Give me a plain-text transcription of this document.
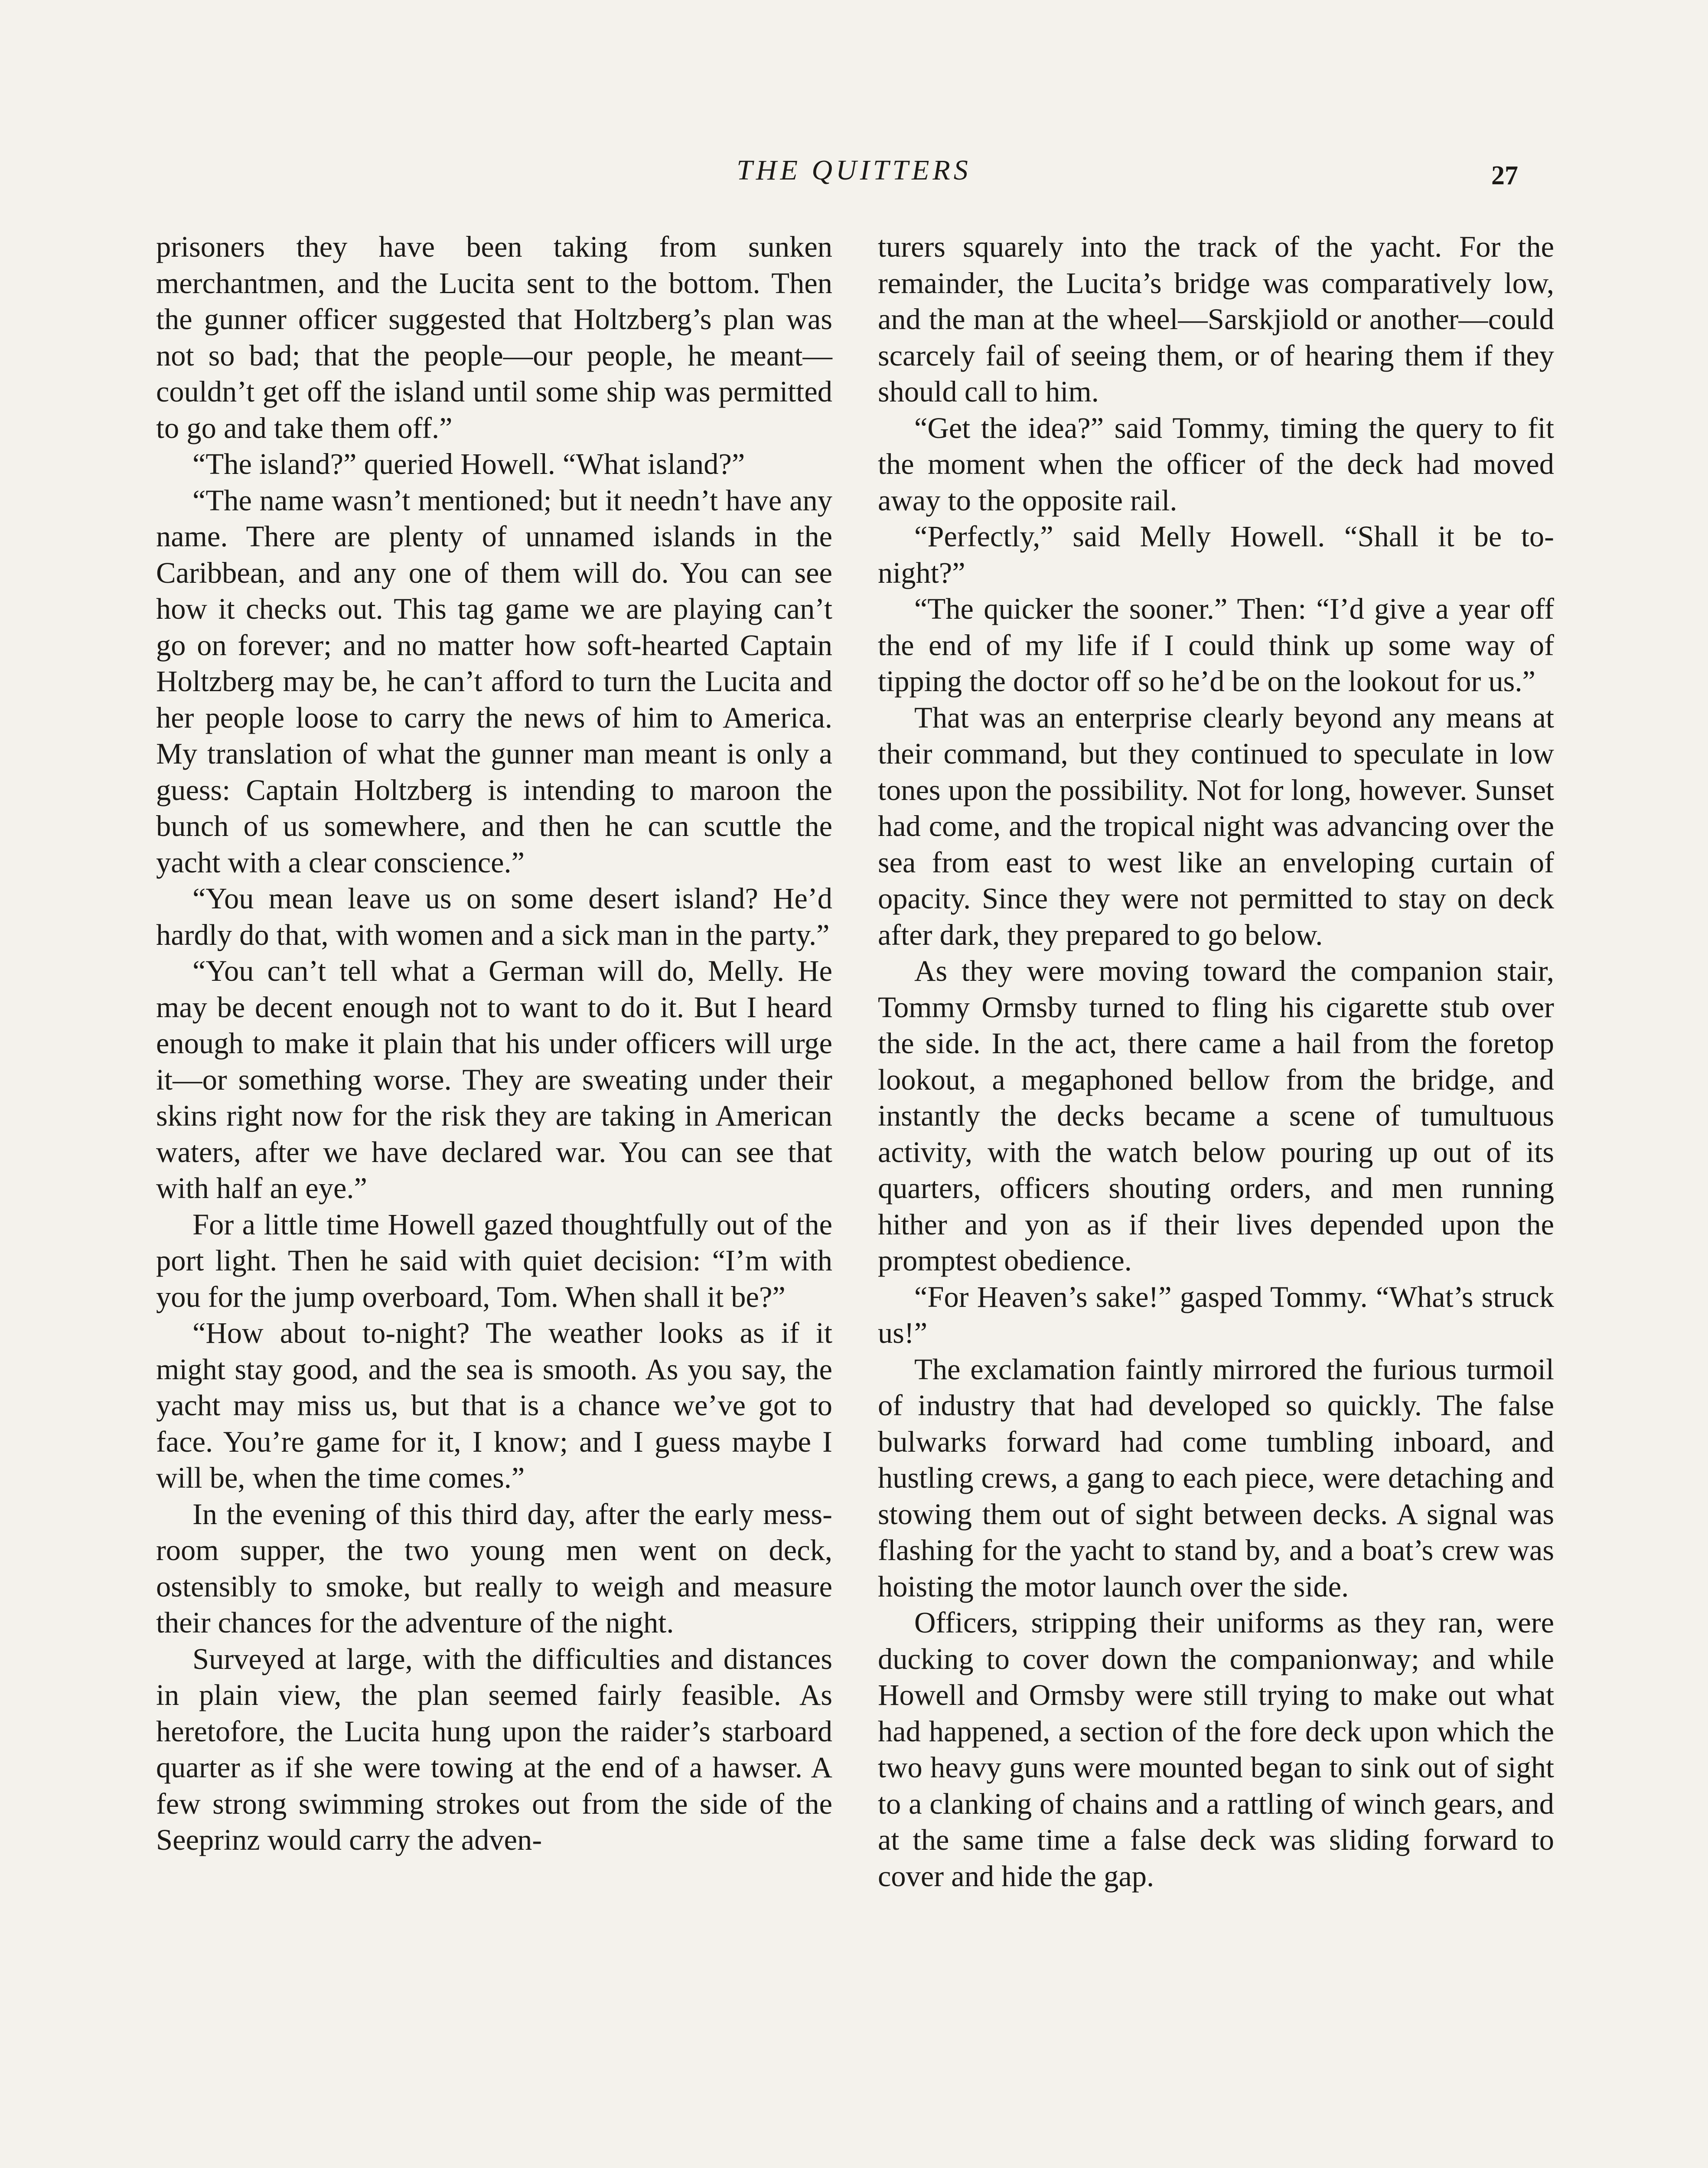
THE QUITTERS	27

prisoners they have been taking from sunken merchantmen, and the Lucita sent to the bottom. Then the gunner officer suggested that Holtzberg’s plan was not so bad; that the people—our people, he meant—couldn’t get off the island until some ship was permitted to go and take them off.”

“The island?” queried Howell. “What island?”

“The name wasn’t mentioned; but it needn’t have any name. There are plenty of unnamed islands in the Caribbean, and any one of them will do. You can see how it checks out. This tag game we are playing can’t go on forever; and no matter how soft-hearted Captain Holtzberg may be, he can’t afford to turn the Lucita and her people loose to carry the news of him to America. My translation of what the gunner man meant is only a guess: Captain Holtzberg is intending to maroon the bunch of us somewhere, and then he can scuttle the yacht with a clear conscience.”

“You mean leave us on some desert island? He’d hardly do that, with women and a sick man in the party.”

“You can’t tell what a German will do, Melly. He may be decent enough not to want to do it. But I heard enough to make it plain that his under officers will urge it—or something worse. They are sweating under their skins right now for the risk they are taking in American waters, after we have declared war. You can see that with half an eye.”

For a little time Howell gazed thoughtfully out of the port light. Then he said with quiet decision: “I’m with you for the jump overboard, Tom. When shall it be?”

“How about to-night? The weather looks as if it might stay good, and the sea is smooth. As you say, the yacht may miss us, but that is a chance we’ve got to face. You’re game for it, I know; and I guess maybe I will be, when the time comes.”

In the evening of this third day, after the early mess-room supper, the two young men went on deck, ostensibly to smoke, but really to weigh and measure their chances for the adventure of the night.

Surveyed at large, with the difficulties and distances in plain view, the plan seemed fairly feasible. As heretofore, the Lucita hung upon the raider’s starboard quarter as if she were towing at the end of a hawser. A few strong swimming strokes out from the side of the Seeprinz would carry the adven-

turers squarely into the track of the yacht. For the remainder, the Lucita’s bridge was comparatively low, and the man at the wheel—Sarskjiold or another—could scarcely fail of seeing them, or of hearing them if they should call to him.

“Get the idea?” said Tommy, timing the query to fit the moment when the officer of the deck had moved away to the opposite rail.

“Perfectly,” said Melly Howell. “Shall it be to-night?”

“The quicker the sooner.” Then: “I’d give a year off the end of my life if I could think up some way of tipping the doctor off so he’d be on the lookout for us.”

That was an enterprise clearly beyond any means at their command, but they continued to speculate in low tones upon the possibility. Not for long, however. Sunset had come, and the tropical night was advancing over the sea from east to west like an enveloping curtain of opacity. Since they were not permitted to stay on deck after dark, they prepared to go below.

As they were moving toward the companion stair, Tommy Ormsby turned to fling his cigarette stub over the side. In the act, there came a hail from the foretop lookout, a megaphoned bellow from the bridge, and instantly the decks became a scene of tumultuous activity, with the watch below pouring up out of its quarters, officers shouting orders, and men running hither and yon as if their lives depended upon the promptest obedience.

“For Heaven’s sake!” gasped Tommy. “What’s struck us!”

The exclamation faintly mirrored the furious turmoil of industry that had developed so quickly. The false bulwarks forward had come tumbling inboard, and hustling crews, a gang to each piece, were detaching and stowing them out of sight between decks. A signal was flashing for the yacht to stand by, and a boat’s crew was hoisting the motor launch over the side.

Officers, stripping their uniforms as they ran, were ducking to cover down the companionway; and while Howell and Ormsby were still trying to make out what had happened, a section of the fore deck upon which the two heavy guns were mounted began to sink out of sight to a clanking of chains and a rattling of winch gears, and at the same time a false deck was sliding forward to cover and hide the gap.
